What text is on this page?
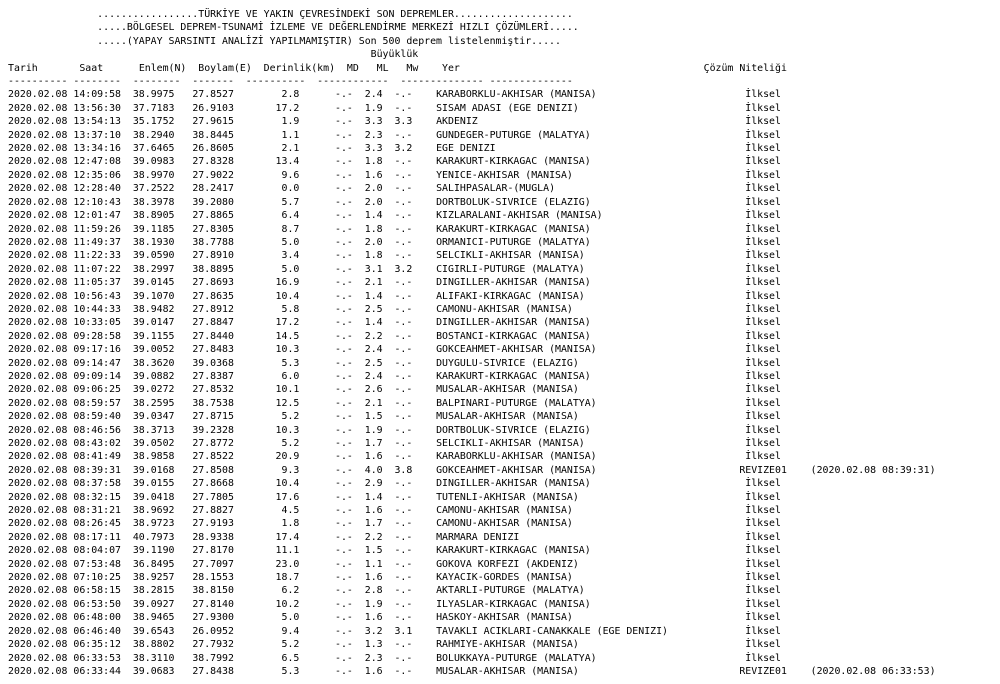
.................TÜRKİYE VE YAKIN ÇEVRESİNDEKİ SON DEPREMLER....................
.....BÖLGESEL DEPREM-TSUNAMİ İZLEME VE DEĞERLENDİRME MERKEZİ HIZLI ÇÖZÜMLERİ.....
.....(YAPAY SARSINTI ANALİZİ YAPILMAMIŞTIR) Son 500 deprem listelenmiştir.....
Büyüklük
Tarih	Saat	Enlem(N) Boylam(E) Derinlik(km) MD ML Mw Yer	Çözüm Niteliği
---------- --------  --------  -------  ----------  ------------  -------------- --------------
2020.02.08 14:09:58  38.9975   27.8527        2.8      -.-  2.4  -.-    KARABORKLU-AKHISAR (MANISA)                         İlksel
2020.02.08 13:56:30  37.7183   26.9103       17.2      -.-  1.9  -.-    SISAM ADASI (EGE DENIZI)                            İlksel
2020.02.08 13:54:13  35.1752   27.9615        1.9      -.-  3.3  3.3    AKDENIZ                                             İlksel
2020.02.08 13:37:10  38.2940   38.8445        1.1      -.-  2.3  -.-    GUNDEGER-PUTURGE (MALATYA)                          İlksel
2020.02.08 13:34:16  37.6465   26.8605        2.1      -.-  3.3  3.2    EGE DENIZI                                          İlksel
2020.02.08 12:47:08  39.0983   27.8328       13.4      -.-  1.8  -.-    KARAKURT-KIRKAGAC (MANISA)                          İlksel
2020.02.08 12:35:06  38.9970   27.9022        9.6      -.-  1.6  -.-    YENICE-AKHISAR (MANISA)                             İlksel
2020.02.08 12:28:40  37.2522   28.2417        0.0      -.-  2.0  -.-    SALIHPASALAR-(MUGLA)                                İlksel
2020.02.08 12:10:43  38.3978   39.2080        5.7      -.-  2.0  -.-    DORTBOLUK-SIVRICE (ELAZIG)                          İlksel
2020.02.08 12:01:47  38.8905   27.8865        6.4      -.-  1.4  -.-    KIZLARALANI-AKHISAR (MANISA)                        İlksel
2020.02.08 11:59:26  39.1185   27.8305        8.7      -.-  1.8  -.-    KARAKURT-KIRKAGAC (MANISA)                          İlksel
2020.02.08 11:49:37  38.1930   38.7788        5.0      -.-  2.0  -.-    ORMANICI-PUTURGE (MALATYA)                          İlksel
2020.02.08 11:22:33  39.0590   27.8910        3.4      -.-  1.8  -.-    SELCIKLI-AKHISAR (MANISA)                           İlksel
2020.02.08 11:07:22  38.2997   38.8895        5.0      -.-  3.1  3.2    CIGIRLI-PUTURGE (MALATYA)                           İlksel
2020.02.08 11:05:37  39.0145   27.8693       16.9      -.-  2.1  -.-    DINGILLER-AKHISAR (MANISA)                          İlksel
2020.02.08 10:56:43  39.1070   27.8635       10.4      -.-  1.4  -.-    ALIFAKI-KIRKAGAC (MANISA)                           İlksel
2020.02.08 10:44:33  38.9482   27.8912        5.8      -.-  2.5  -.-    CAMONU-AKHISAR (MANISA)                             İlksel
2020.02.08 10:33:05  39.0147   27.8847       17.2      -.-  1.4  -.-    DINGILLER-AKHISAR (MANISA)                          İlksel
2020.02.08 09:28:58  39.1155   27.8440       14.5      -.-  2.2  -.-    BOSTANCI-KIRKAGAC (MANISA)                          İlksel
2020.02.08 09:17:16  39.0052   27.8483       10.3      -.-  2.4  -.-    GOKCEAHMET-AKHISAR (MANISA)                         İlksel
2020.02.08 09:14:47  38.3620   39.0368        5.3      -.-  2.5  -.-    DUYGULU-SIVRICE (ELAZIG)                            İlksel
2020.02.08 09:09:14  39.0882   27.8387        6.0      -.-  2.4  -.-    KARAKURT-KIRKAGAC (MANISA)                          İlksel
2020.02.08 09:06:25  39.0272   27.8532       10.1      -.-  2.6  -.-    MUSALAR-AKHISAR (MANISA)                            İlksel
2020.02.08 08:59:57  38.2595   38.7538       12.5      -.-  2.1  -.-    BALPINARI-PUTURGE (MALATYA)                         İlksel
2020.02.08 08:59:40  39.0347   27.8715        5.2      -.-  1.5  -.-    MUSALAR-AKHISAR (MANISA)                            İlksel
2020.02.08 08:46:56  38.3713   39.2328       10.3      -.-  1.9  -.-    DORTBOLUK-SIVRICE (ELAZIG)                          İlksel
2020.02.08 08:43:02  39.0502   27.8772        5.2      -.-  1.7  -.-    SELCIKLI-AKHISAR (MANISA)                           İlksel
2020.02.08 08:41:49  38.9858   27.8522       20.9      -.-  1.6  -.-    KARABORKLU-AKHISAR (MANISA)                         İlksel
2020.02.08 08:39:31  39.0168   27.8508        9.3      -.-  4.0  3.8    GOKCEAHMET-AKHISAR (MANISA)                        REVIZE01 (2020.02.08 08:39:31)
2020.02.08 08:37:58  39.0155   27.8668       10.4      -.-  2.9  -.-    DINGILLER-AKHISAR (MANISA)                          İlksel
2020.02.08 08:32:15  39.0418   27.7805       17.6      -.-  1.4  -.-    TUTENLI-AKHISAR (MANISA)                            İlksel
2020.02.08 08:31:21  38.9692   27.8827        4.5      -.-  1.6  -.-    CAMONU-AKHISAR (MANISA)                             İlksel
2020.02.08 08:26:45  38.9723   27.9193        1.8      -.-  1.7  -.-    CAMONU-AKHISAR (MANISA)                             İlksel
2020.02.08 08:17:11  40.7973   28.9338       17.4      -.-  2.2  -.-    MARMARA DENIZI                                      İlksel
2020.02.08 08:04:07  39.1190   27.8170       11.1      -.-  1.5  -.-    KARAKURT-KIRKAGAC (MANISA)                          İlksel
2020.02.08 07:53:48  36.8495   27.7097       23.0      -.-  1.1  -.-    GOKOVA KORFEZI (AKDENIZ)                            İlksel
2020.02.08 07:10:25  38.9257   28.1553       18.7      -.-  1.6  -.-    KAYACIK-GORDES (MANISA)                             İlksel
2020.02.08 06:58:15  38.2815   38.8150        6.2      -.-  2.8  -.-    AKTARLI-PUTURGE (MALATYA)                           İlksel
2020.02.08 06:53:50  39.0927   27.8140       10.2      -.-  1.9  -.-    ILYASLAR-KIRKAGAC (MANISA)                          İlksel
2020.02.08 06:48:00  38.9465   27.9300        5.0      -.-  1.6  -.-    HASKOY-AKHISAR (MANISA)                             İlksel
2020.02.08 06:46:40  39.6543   26.0952        9.4      -.-  3.2  3.1    TAVAKLI ACIKLARI-CANAKKALE (EGE DENIZI)             İlksel
2020.02.08 06:35:12  38.8802   27.7932        5.2      -.-  1.3  -.-    RAHMIYE-AKHISAR (MANISA)                            İlksel
2020.02.08 06:33:53  38.3110   38.7992        6.5      -.-  2.3  -.-    BOLUKKAYA-PUTURGE (MALATYA)                         İlksel
2020.02.08 06:33:44  39.0683   27.8438        5.3      -.-  1.6  -.-    MUSALAR-AKHISAR (MANISA)                           REVIZE01 (2020.02.08 06:33:53)
